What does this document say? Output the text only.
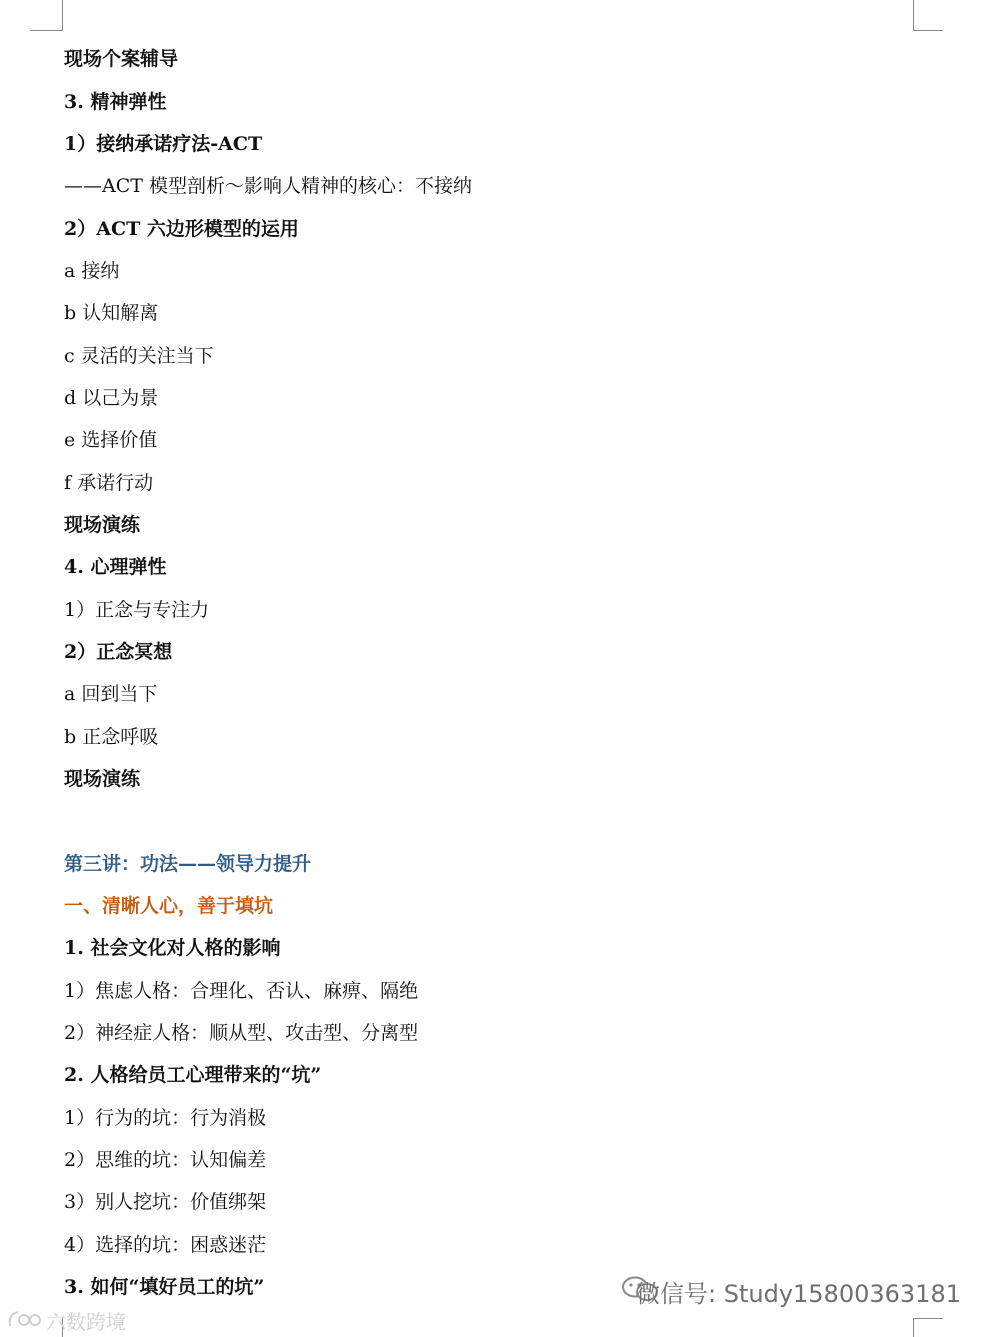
现场个案辅导
3. 精神弹性
1）接纳承诺疗法-ACT
——ACT 模型剖析～影响人精神的核心：不接纳
2）ACT 六边形模型的运用
a 接纳
b 认知解离
c 灵活的关注当下
d 以己为景
e 选择价值
f 承诺行动
现场演练
4. 心理弹性
1）正念与专注力
2）正念冥想
a 回到当下
b 正念呼吸
现场演练
第三讲：功法——领导力提升
一、清晰人心，善于填坑
1. 社会文化对人格的影响
1）焦虑人格：合理化、否认、麻痹、隔绝
2）神经症人格：顺从型、攻击型、分离型
2. 人格给员工心理带来的“坑”
1）行为的坑：行为消极
2）思维的坑：认知偏差
3）别人挖坑：价值绑架
4）选择的坑：困惑迷茫
3. 如何“填好员工的坑”	微信号: Study15800363181
六数跨境
